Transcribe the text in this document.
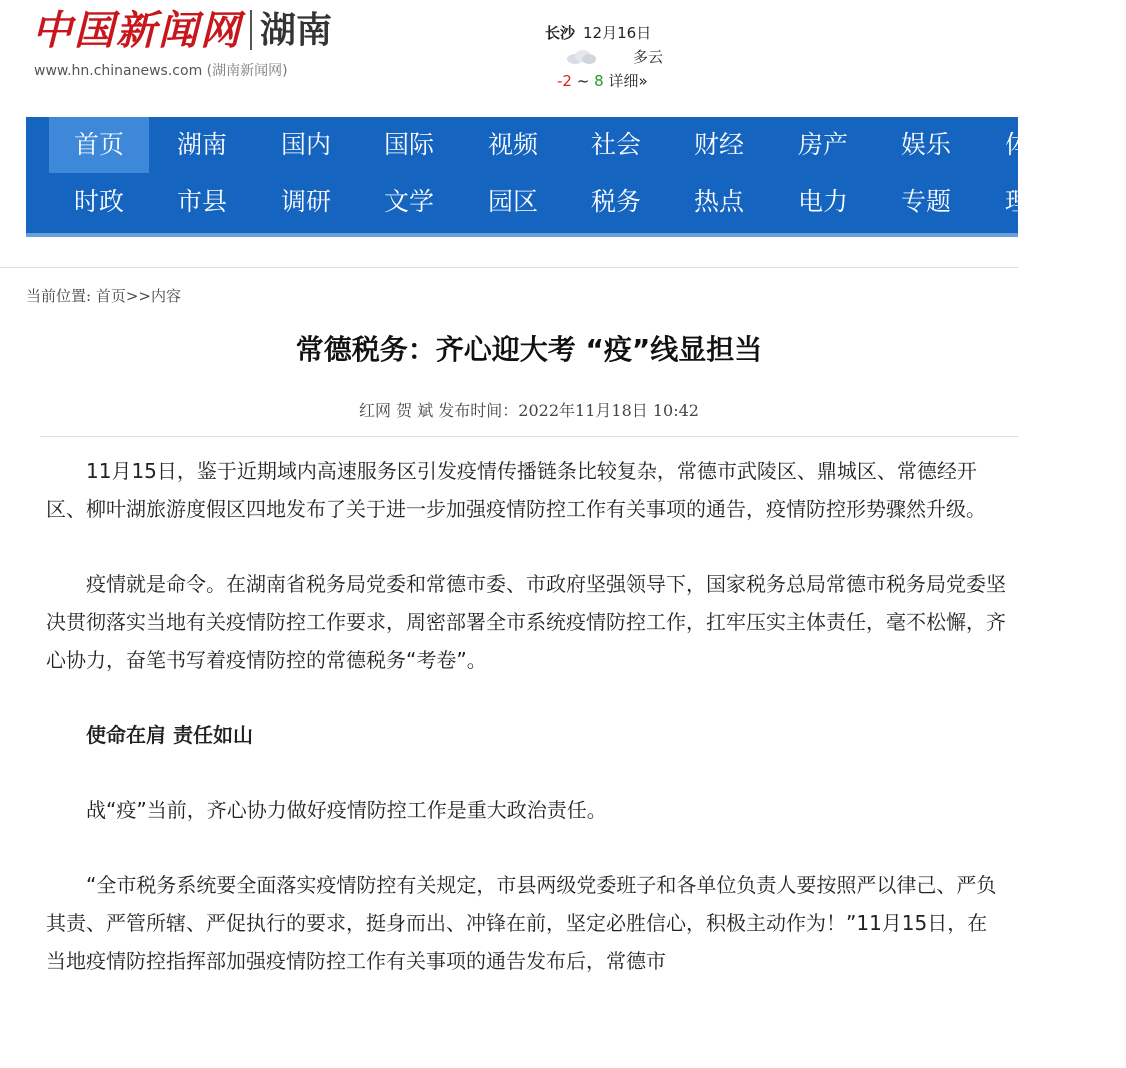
中国新闻网 湖南
www.hn.chinanews.com (湖南新闻网)
长沙 12月16日
多云
-2 ~ 8 详细»
首页	湖南	国内	国际	视频	社会	财经	房产	娱乐	体
时政	市县	调研	文学	园区	税务	热点	电力	专题	理
当前位置: 首页>>内容
常德税务：齐心迎大考 “疫”线显担当
红网 贺 斌 发布时间：2022年11月18日 10:42

11月15日，鉴于近期域内高速服务区引发疫情传播链条比较复杂，常德市武陵区、鼎城区、常德经开区、柳叶湖旅游度假区四地发布了关于进一步加强疫情防控工作有关事项的通告，疫情防控形势骤然升级。

疫情就是命令。在湖南省税务局党委和常德市委、市政府坚强领导下，国家税务总局常德市税务局党委坚决贯彻落实当地有关疫情防控工作要求，周密部署全市系统疫情防控工作，扛牢压实主体责任，毫不松懈，齐心协力，奋笔书写着疫情防控的常德税务“考卷”。

使命在肩 责任如山

战“疫”当前，齐心协力做好疫情防控工作是重大政治责任。

“全市税务系统要全面落实疫情防控有关规定，市县两级党委班子和各单位负责人要按照严以律己、严负其责、严管所辖、严促执行的要求，挺身而出、冲锋在前，坚定必胜信心，积极主动作为！”11月15日，在当地疫情防控指挥部加强疫情防控工作有关事项的通告发布后，常德市
